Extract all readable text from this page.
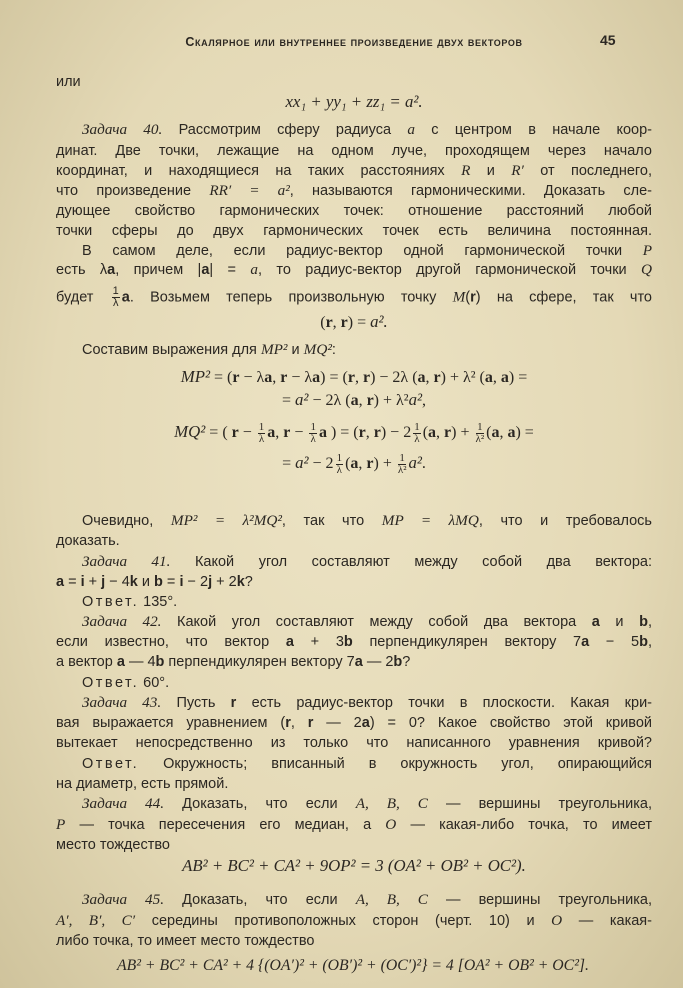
Скалярное или внутреннее произведение двух векторов	45
или
xx₁ + yy₁ + zz₁ = a².
Задача 40. Рассмотрим сферу радиуса a с центром в начале коор-
динат. Две точки, лежащие на одном луче, проходящем через начало
координат, и находящиеся на таких расстояниях R и R′ от последнего,
что произведение RR′ = a², называются гармоническими. Доказать сле-
дующее свойство гармонических точек: отношение расстояний любой
точки сферы до двух гармонических точек есть величина постоянная.
В самом деле, если радиус-вектор одной гармонической точки P
есть λa, причем |a| = a, то радиус-вектор другой гармонической точки Q
будет $\frac{1}{\lambda} a$. Возьмем теперь произвольную точку M(r) на сфере, так что
(r, r) = a².
Составим выражения для MP² и MQ²:
MP² = (r − λa, r − λa) = (r, r) − 2λ (a, r) + λ² (a, a) =
= a² − 2λ (a, r) + λ²a²,
MQ² = ( $r - \frac{1}{\lambda} a$, $r - \frac{1}{\lambda}$ a ) = (r, $r) - 2 \frac{1}{\lambda} (a$, $r) + \frac{1}{\text{λ²}} (a$, a) =
= $a^2 - 2 \frac{1}{\lambda} (a$, $r) + \frac{1}{\text{λ²}} a^2$.
Очевидно, MP² = λ²MQ², так что MP = λMQ, что и требовалось
доказать.
Задача 41. Какой угол составляют между собой два вектора:
a = i + j − 4k и b = i − 2j + 2k?
Ответ. 135°.
Задача 42. Какой угол составляют между собой два вектора a и b,
если известно, что вектор a + 3b перпендикулярен вектору 7a − 5b,
а вектор a — 4b перпендикулярен вектору 7a — 2b?
Ответ. 60°.
Задача 43. Пусть r есть радиус-вектор точки в плоскости. Какая кри-
вая выражается уравнением (r, r — 2a) = 0? Какое свойство этой кривой
вытекает непосредственно из только что написанного уравнения кривой?
Ответ. Окружность; вписанный в окружность угол, опирающийся
на диаметр, есть прямой.
Задача 44. Доказать, что если A, B, C — вершины треугольника,
P — точка пересечения его медиан, а O — какая-либо точка, то имеет
место тождество
AB² + BC² + CA² + 9OP² = 3 (OA² + OB² + OC²).
Задача 45. Доказать, что если A, B, C — вершины треугольника,
A′, B′, C′ середины противоположных сторон (черт. 10) и O — какая-
либо точка, то имеет место тождество
AB² + BC² + CA² + 4 {(OA′)² + (OB′)² + (OC′)²} = 4 [OA² + OB² + OC²].
